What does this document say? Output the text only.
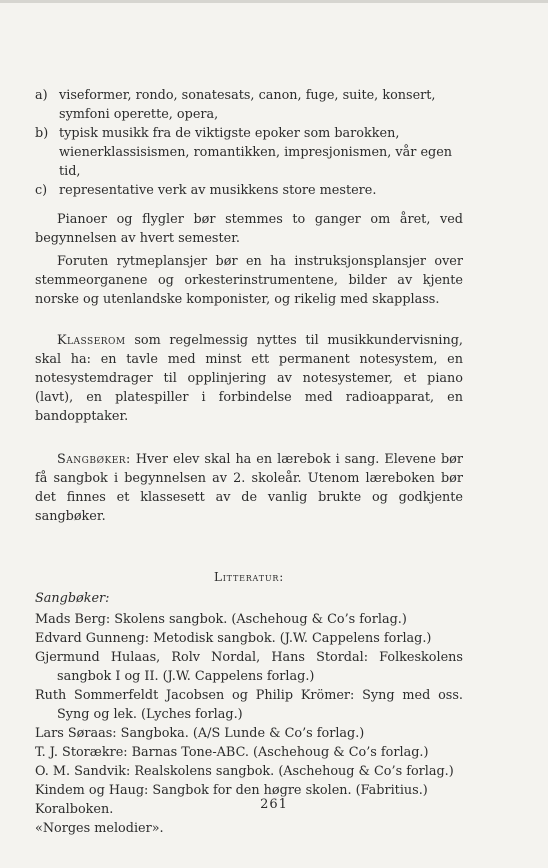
a) viseformer, rondo, sonatesats, canon, fuge, suite, konsert, symfoni operette, opera,
b) typisk musikk fra de viktigste epoker som barokken, wienerklassisismen, romantikken, impresjonismen, vår egen tid,
c) representative verk av musikkens store mestere.

Pianoer og flygler bør stemmes to ganger om året, ved begynnelsen av hvert semester.

Foruten rytmeplansjer bør en ha instruksjonsplansjer over stemmeorganene og orkesterinstrumentene, bilder av kjente norske og utenlandske komponister, og rikelig med skapplass.

Klasserom som regelmessig nyttes til musikkundervisning, skal ha: en tavle med minst ett permanent notesystem, en notesystemdrager til opplinjering av notesystemer, et piano (lavt), en platespiller i forbindelse med radioapparat, en bandopptaker.

Sangbøker: Hver elev skal ha en lærebok i sang. Elevene bør få sangbok i begynnelsen av 2. skoleår. Utenom læreboken bør det finnes et klassesett av de vanlig brukte og godkjente sangbøker.

Litteratur:
Sangbøker:

Mads Berg: Skolens sangbok. (Aschehoug & Co’s forlag.)

Edvard Gunneng: Metodisk sangbok. (J.W. Cappelens forlag.)

Gjermund Hulaas, Rolv Nordal, Hans Stordal: Folkeskolens sangbok I og II. (J.W. Cappelens forlag.)

Ruth Sommerfeldt Jacobsen og Philip Krömer: Syng med oss. Syng og lek. (Lyches forlag.)

Lars Søraas: Sangboka. (A/S Lunde & Co’s forlag.)

T. J. Storækre: Barnas Tone-ABC. (Aschehoug & Co’s forlag.)

O. M. Sandvik: Realskolens sangbok. (Aschehoug & Co’s forlag.)

Kindem og Haug: Sangbok for den høgre skolen. (Fabritius.)

Koralboken.

«Norges melodier».

261
